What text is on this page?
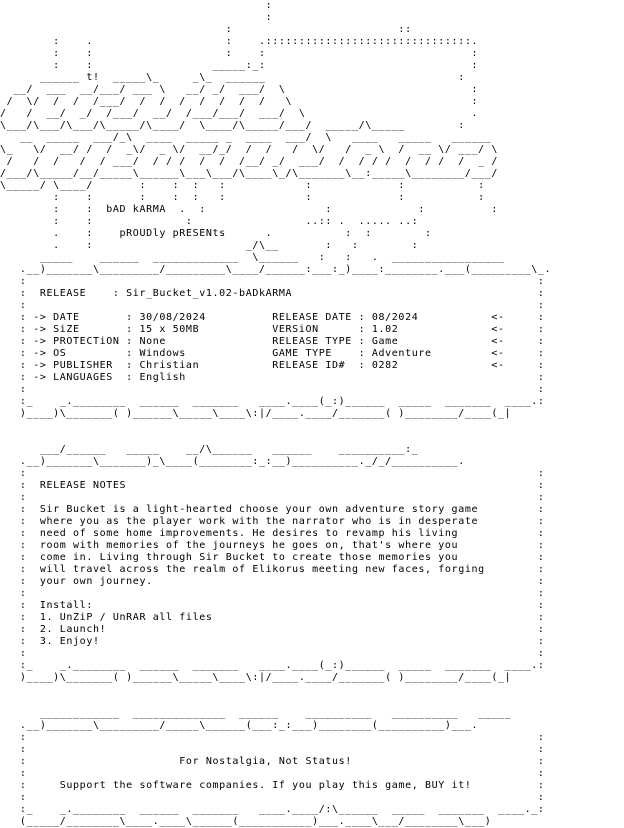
:
:
:                         ::
:    .                    :    .:::::::::::::::::::::::::::::::.
:    :                    :    :                               :
:    :                  _____:_:                               :
______ t!  _____\_     _\_  ______                             :
__/  ___  __/___/ ___ \   __/ _/  ___/  \                            :
/  \/  /  /  /___/  /  /  /  /  /  /  /   \                           :
/   /  __/  _/  /___/  __/  /___/___/  ___/  \                         .
\___/\___/\___/\_____/\____/  \____/\_____/___/  _____/\_____        :
__  _____  ___/_\  ____  _____ _  ____  ___/  \   ____   _____   ______
\_   \/  __/ /  /  _\/  _ \/  __/_/  /  /   /  \/   /  _ \  /  __ \/ ___/ \
/   /  /   /  / ___/  / / /  /  /  /__/ _/  ___/  /  / / /  /  / /  /  _ /
/___/\_____/__/_____\______\___\___/\____\_/\_______\__:_____\________/___/
\_____/ \____/       :    :  :   :            :             :           :
:    :       :    :  :   :            :             :           :
:    :  bAD kARMA  .  :                  :             :          :
:    :              :                 ..:: .  ..... ..:
.    :    pROUDly pRESENts      .           :  :        :
.    :                       _/\__       :   :        :
_____    ______  _____________  \______   :   :   .  _________________
.__)_______\_________/_________\____/______:___:_)____:________.___(_________\_.
:                                                                             :
:  RELEASE    : Sir_Bucket_v1.02-bADkARMA                                     :
:                                                                             :
: -> DATE       : 30/08/2024          RELEASE DATE : 08/2024           <-     :
: -> SiZE       : 15 x 50MB           VERSiON      : 1.02              <-     :
: -> PROTECTiON : None                RELEASE TYPE : Game              <-     :
: -> OS         : Windows             GAME TYPE    : Adventure         <-     :
: -> PUBLISHER  : Christian           RELEASE ID#  : 0282              <-     :
: -> LANGUAGES  : English                                                     :
:                                                                             :
:_    _.________  ______  _______   ____.____(_:)______  _____  _______  ____.:
)____)\_______( )______\_____\____\:|/____.____/_______( )________/____(_|

___/______   _____    __/\______   ______    __________:_
.__)_______\_______)_\____(________:_:__)__________._/_/__________.
:                                                                             :
:  RELEASE NOTES                                                              :
:                                                                             :
:  Sir Bucket is a light-hearted choose your own adventure story game         :
:  where you as the player work with the narrator who is in desperate         :
:  need of some home improvements. He desires to revamp his living            :
:  room with memories of the journeys he goes on, that's where you            :
:  come in. Living through Sir Bucket to create those memories you            :
:  will travel across the realm of Elikorus meeting new faces, forging        :
:  your own journey.                                                          :
:                                                                             :
:  Install:                                                                   :
:  1. UnZiP / UnRAR all files                                                 :
:  2. Launch!                                                                 :
:  3. Enjoy!                                                                  :
:                                                                             :
:_    _.________  ______  _______   ____.____(_:)______  _____  _______  ____.:
)____)\_______( )______\_____\____\:|/____.____/_______( )________/____(_|

____________  ______________  ______    __________   __________   _____
.__)_______\_________/_____\______(___:_:___)________(__________)___.
:                                                                             :
:                                                                             :
:                       For Nostalgia, Not Status!                            :
:                                                                             :
:     Support the software companies. If you play this game, BUY it!          :
:                                                                             :
:_    _.________  ______  _______   ____.____/:\______  _____  _______  ____._:
(_____/________\____.____\______(___________)___.____\___/________\___)
